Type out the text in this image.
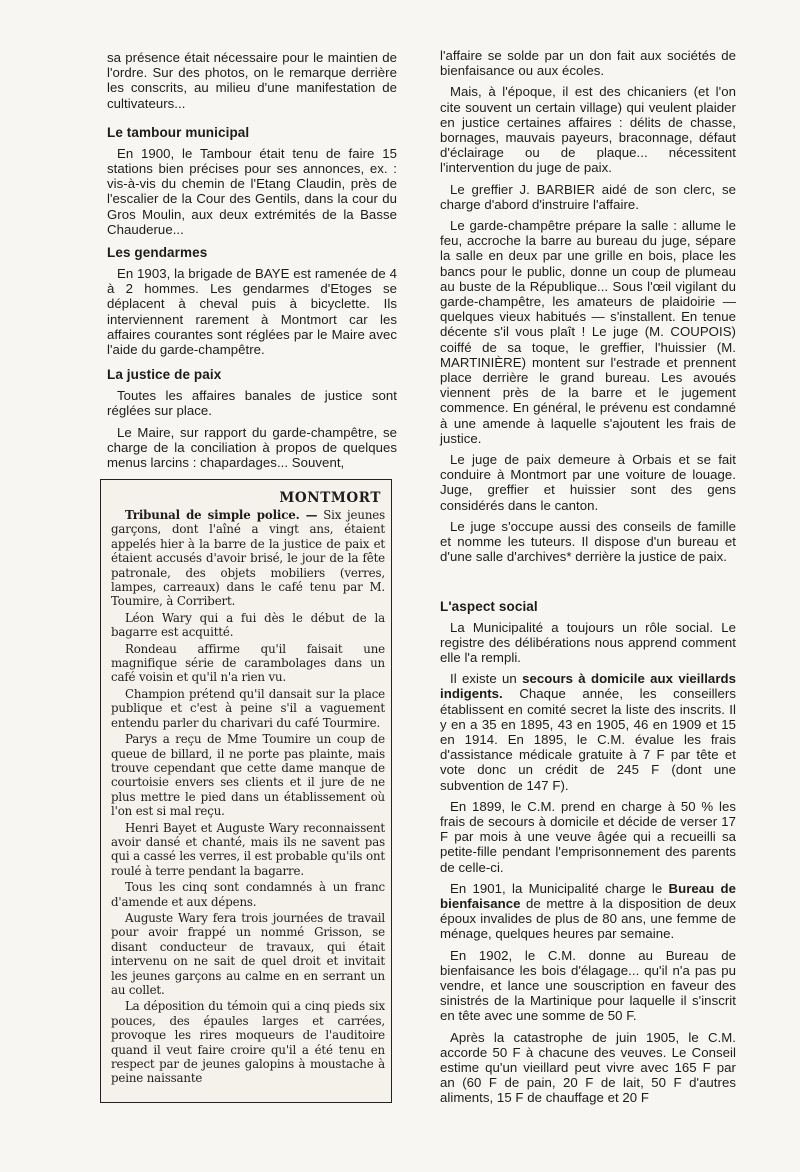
sa présence était nécessaire pour le maintien de l'ordre. Sur des photos, on le remarque derrière les conscrits, au milieu d'une manifestation de cultivateurs...

Le tambour municipal

En 1900, le Tambour était tenu de faire 15 stations bien précises pour ses annonces, ex. : vis-à-vis du chemin de l'Etang Claudin, près de l'escalier de la Cour des Gentils, dans la cour du Gros Moulin, aux deux extrémités de la Basse Chauderue...

Les gendarmes

En 1903, la brigade de BAYE est ramenée de 4 à 2 hommes. Les gendarmes d'Etoges se déplacent à cheval puis à bicyclette. Ils interviennent rarement à Montmort car les affaires courantes sont réglées par le Maire avec l'aide du garde-champêtre.

La justice de paix

Toutes les affaires banales de justice sont réglées sur place.

Le Maire, sur rapport du garde-champêtre, se charge de la conciliation à propos de quelques menus larcins : chapardages... Souvent,

MONTMORT

Tribunal de simple police. — Six jeunes garçons, dont l'aîné a vingt ans, étaient appelés hier à la barre de la justice de paix et étaient accusés d'avoir brisé, le jour de la fête patronale, des objets mobiliers (verres, lampes, carreaux) dans le café tenu par M. Toumire, à Corribert.

Léon Wary qui a fui dès le début de la bagarre est acquitté.

Rondeau affirme qu'il faisait une magnifique série de carambolages dans un café voisin et qu'il n'a rien vu.

Champion prétend qu'il dansait sur la place publique et c'est à peine s'il a vaguement entendu parler du charivari du café Tourmire.

Parys a reçu de Mme Toumire un coup de queue de billard, il ne porte pas plainte, mais trouve cependant que cette dame manque de courtoisie envers ses clients et il jure de ne plus mettre le pied dans un établissement où l'on est si mal reçu.

Henri Bayet et Auguste Wary reconnaissent avoir dansé et chanté, mais ils ne savent pas qui a cassé les verres, il est probable qu'ils ont roulé à terre pendant la bagarre.

Tous les cinq sont condamnés à un franc d'amende et aux dépens.

Auguste Wary fera trois journées de travail pour avoir frappé un nommé Grisson, se disant conducteur de travaux, qui était intervenu on ne sait de quel droit et invitait les jeunes garçons au calme en en serrant un au collet.

La déposition du témoin qui a cinq pieds six pouces, des épaules larges et carrées, provoque les rires moqueurs de l'auditoire quand il veut faire croire qu'il a été tenu en respect par de jeunes galopins à moustache à peine naissante

l'affaire se solde par un don fait aux sociétés de bienfaisance ou aux écoles.

Mais, à l'époque, il est des chicaniers (et l'on cite souvent un certain village) qui veulent plaider en justice certaines affaires : délits de chasse, bornages, mauvais payeurs, braconnage, défaut d'éclairage ou de plaque... nécessitent l'intervention du juge de paix.

Le greffier J. BARBIER aidé de son clerc, se charge d'abord d'instruire l'affaire.

Le garde-champêtre prépare la salle : allume le feu, accroche la barre au bureau du juge, sépare la salle en deux par une grille en bois, place les bancs pour le public, donne un coup de plumeau au buste de la République... Sous l'œil vigilant du garde-champêtre, les amateurs de plaidoirie — quelques vieux habitués — s'installent. En tenue décente s'il vous plaît ! Le juge (M. COUPOIS) coiffé de sa toque, le greffier, l'huissier (M. MARTINIÈRE) montent sur l'estrade et prennent place derrière le grand bureau. Les avoués viennent près de la barre et le jugement commence. En général, le prévenu est condamné à une amende à laquelle s'ajoutent les frais de justice.

Le juge de paix demeure à Orbais et se fait conduire à Montmort par une voiture de louage. Juge, greffier et huissier sont des gens considérés dans le canton.

Le juge s'occupe aussi des conseils de famille et nomme les tuteurs. Il dispose d'un bureau et d'une salle d'archives* derrière la justice de paix.

L'aspect social

La Municipalité a toujours un rôle social. Le registre des délibérations nous apprend comment elle l'a rempli.

Il existe un secours à domicile aux vieillards indigents. Chaque année, les conseillers établissent en comité secret la liste des inscrits. Il y en a 35 en 1895, 43 en 1905, 46 en 1909 et 15 en 1914. En 1895, le C.M. évalue les frais d'assistance médicale gratuite à 7 F par tête et vote donc un crédit de 245 F (dont une subvention de 147 F).

En 1899, le C.M. prend en charge à 50 % les frais de secours à domicile et décide de verser 17 F par mois à une veuve âgée qui a recueilli sa petite-fille pendant l'emprisonnement des parents de celle-ci.

En 1901, la Municipalité charge le Bureau de bienfaisance de mettre à la disposition de deux époux invalides de plus de 80 ans, une femme de ménage, quelques heures par semaine.

En 1902, le C.M. donne au Bureau de bienfaisance les bois d'élagage... qu'il n'a pas pu vendre, et lance une souscription en faveur des sinistrés de la Martinique pour laquelle il s'inscrit en tête avec une somme de 50 F.

Après la catastrophe de juin 1905, le C.M. accorde 50 F à chacune des veuves. Le Conseil estime qu'un vieillard peut vivre avec 165 F par an (60 F de pain, 20 F de lait, 50 F d'autres aliments, 15 F de chauffage et 20 F
